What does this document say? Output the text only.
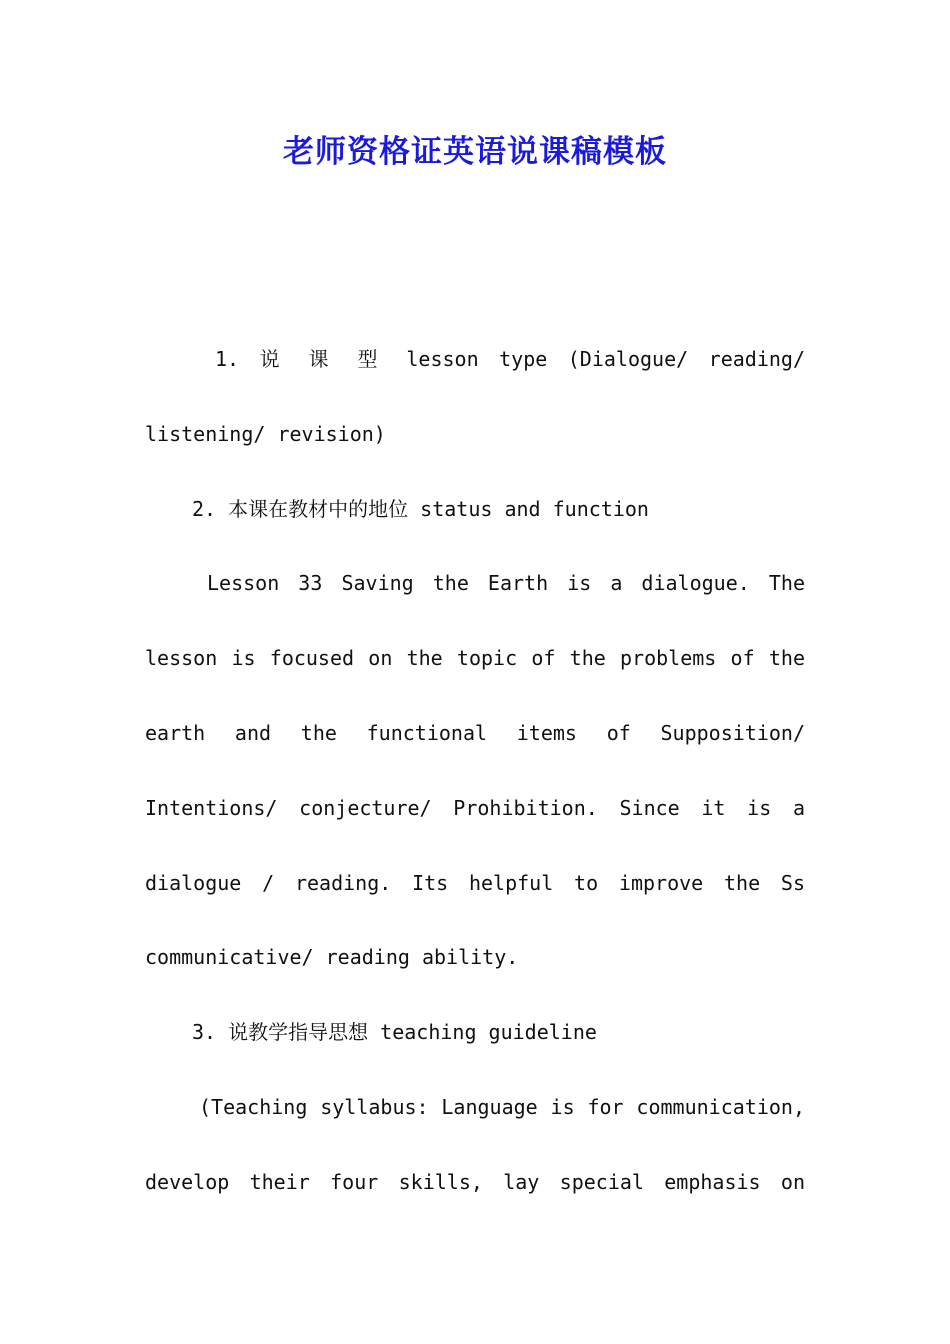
老师资格证英语说课稿模板
1. 说 课 型 lesson type (Dialogue/ reading/
listening/ revision)
2. 本课在教材中的地位 status and function
Lesson 33 Saving the Earth is a dialogue. The
lesson is focused on the topic of the problems of the
earth and the functional items of Supposition/
Intentions/ conjecture/ Prohibition. Since it is a
dialogue / reading. Its helpful to improve the Ss
communicative/ reading ability.
3. 说教学指导思想 teaching guideline
(Teaching syllabus: Language is for communication,
develop their four skills, lay special emphasis on
